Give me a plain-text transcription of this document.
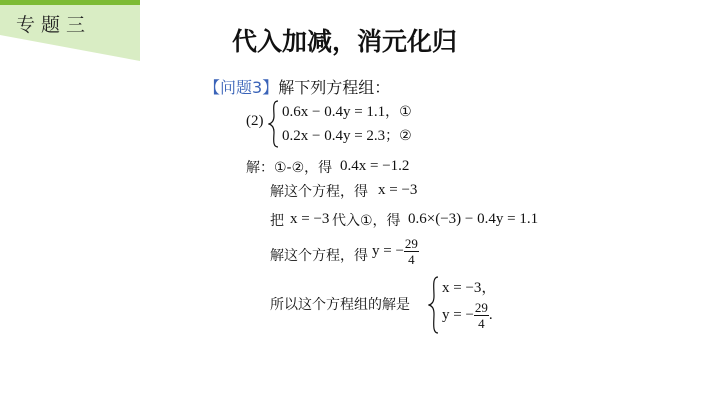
专题三
代入加减，消元化归
【问题3】解下列方程组：
(2)
0.6x − 0.4y = 1.1，①
0.2x − 0.4y = 2.3；②
解：①-②，得 0.4x = −1.2
解这个方程，得 x = −3
把 x = −3 代入①，得 0.6×(−3) − 0.4y = 1.1
解这个方程，得 y = − $\frac{29}{4}$
所以这个方程组的解是
x = −3，
y = − $\frac{29}{4}$ .
